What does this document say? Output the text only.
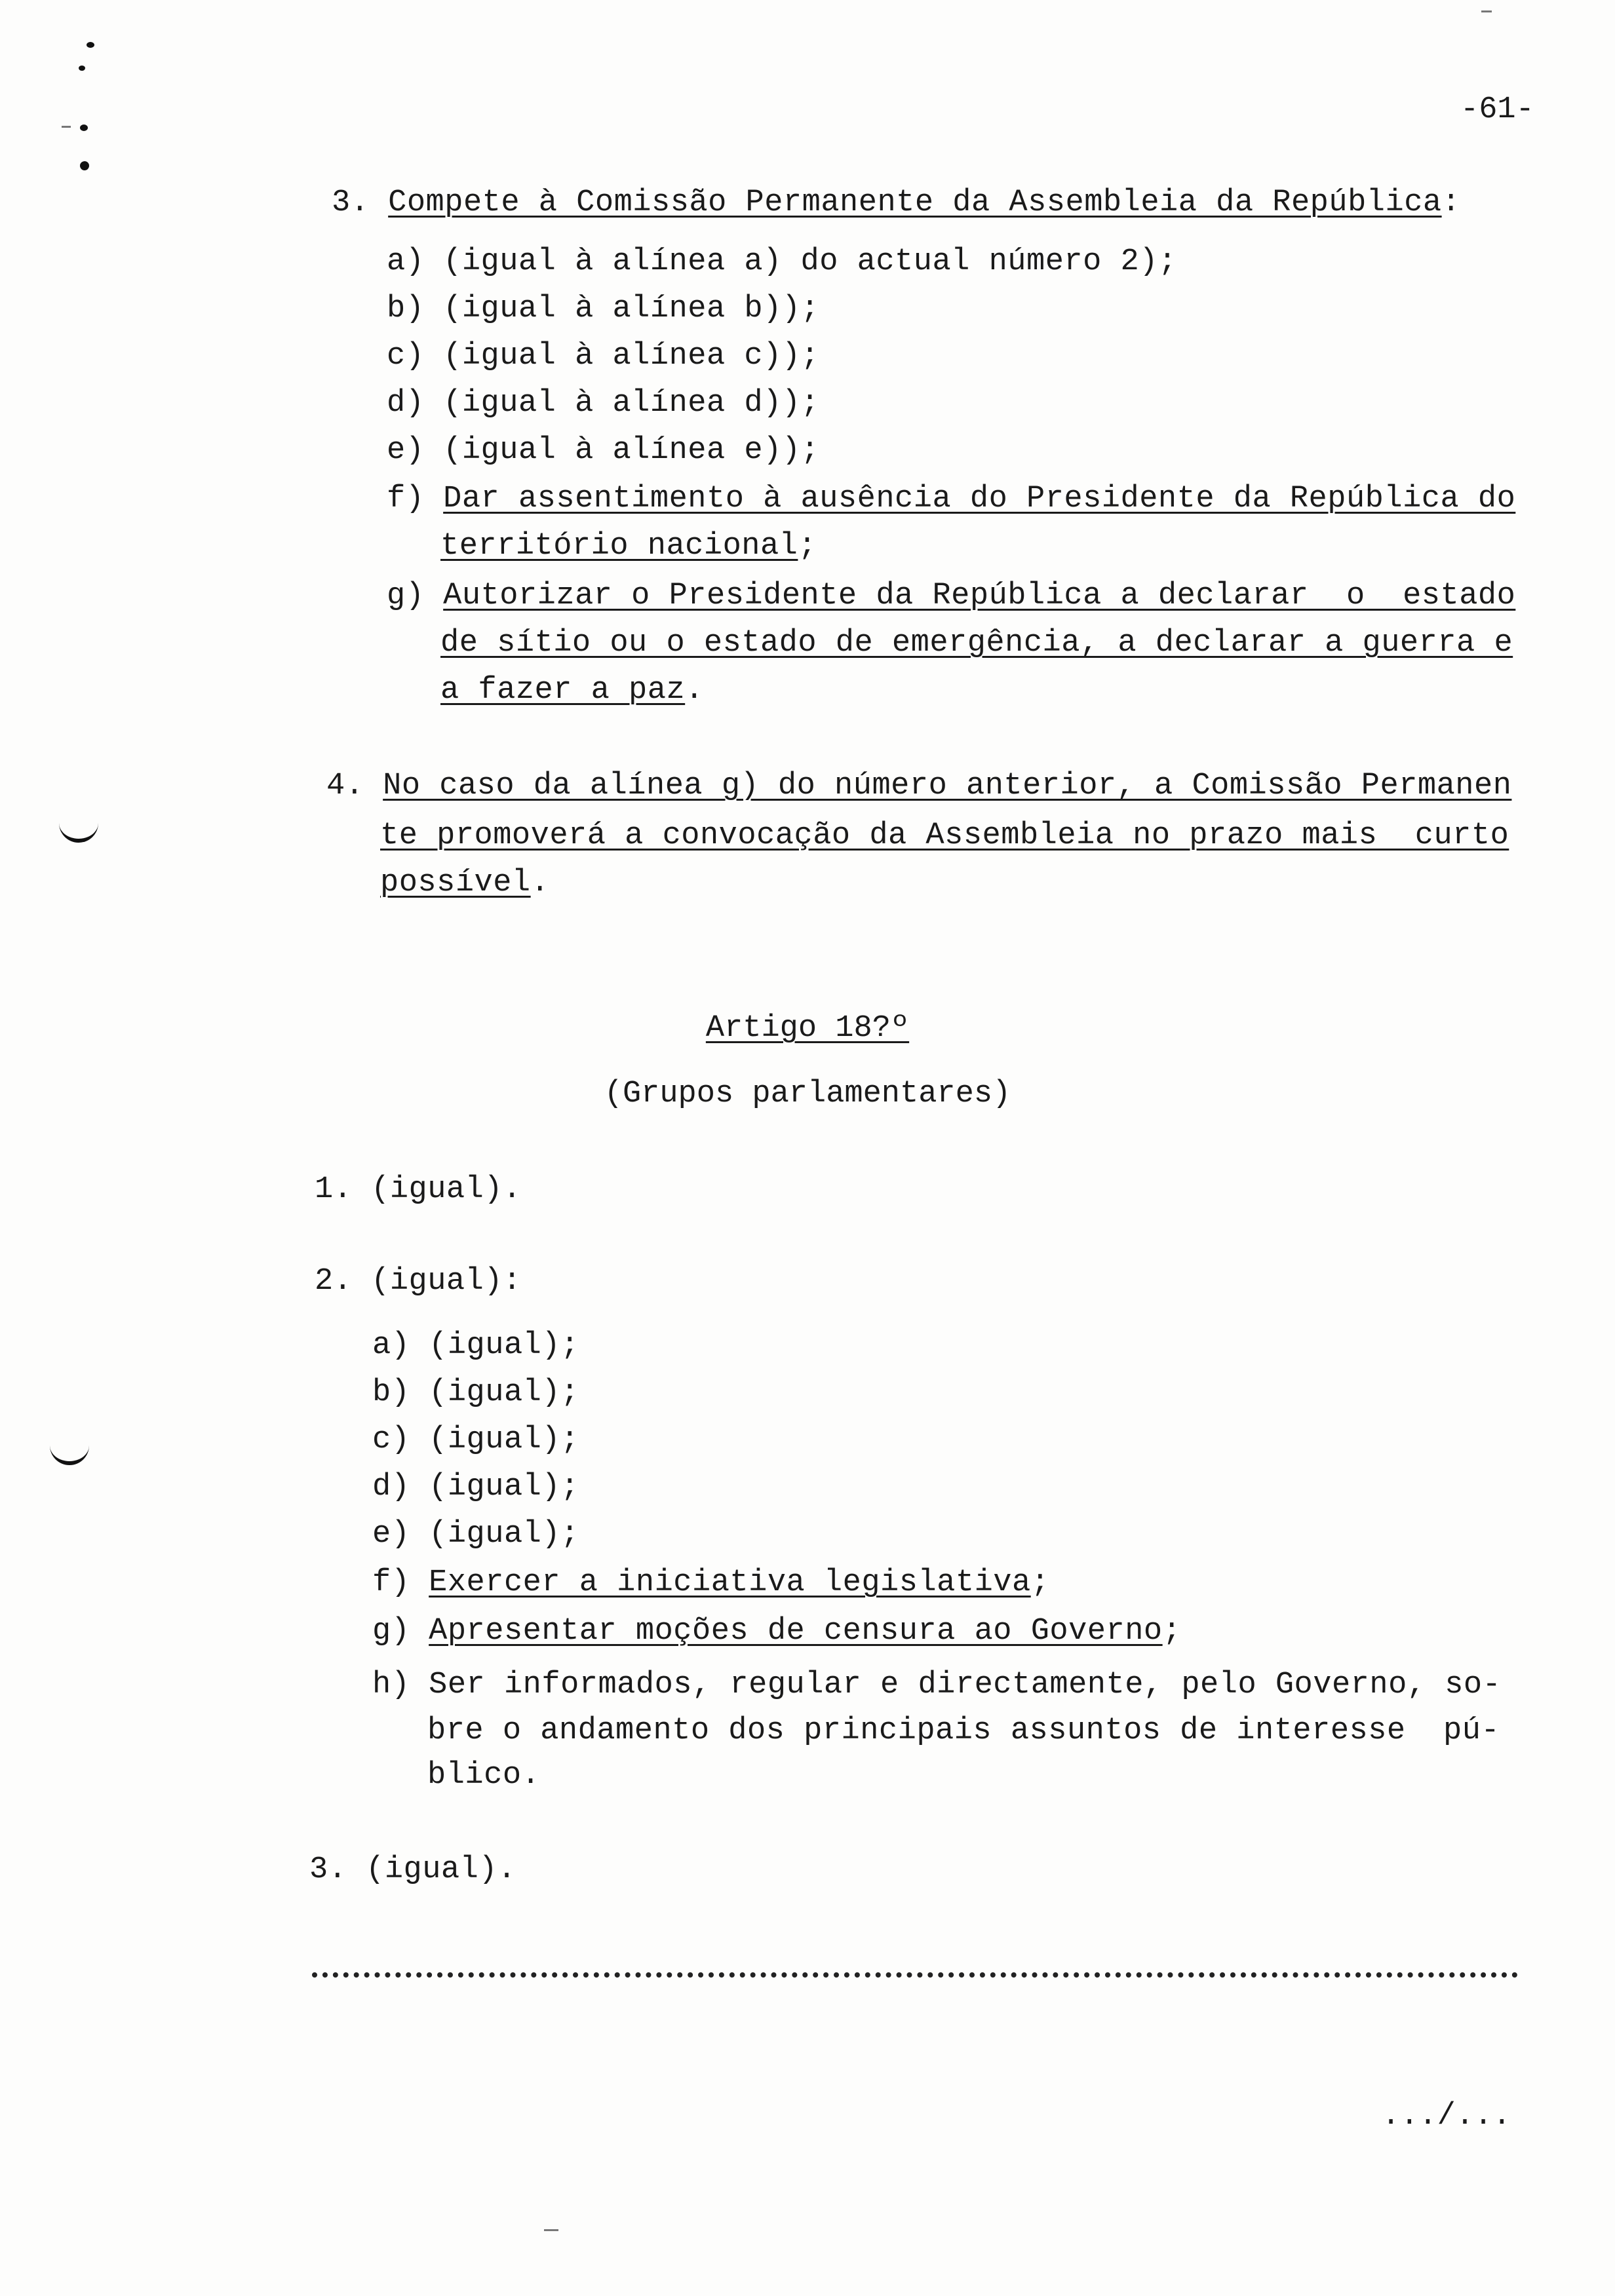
-61-
3. Compete à Comissão Permanente da Assembleia da República:
a) (igual à alínea a) do actual número 2);
b) (igual à alínea b));
c) (igual à alínea c));
d) (igual à alínea d));
e) (igual à alínea e));
f) Dar assentimento à ausência do Presidente da República do
território nacional;
g) Autorizar o Presidente da República a declarar  o  estado
de sítio ou o estado de emergência, a declarar a guerra e
a fazer a paz.
4. No caso da alínea g) do número anterior, a Comissão Permanen
te promoverá a convocação da Assembleia no prazo mais  curto
possível.
Artigo 18?º
(Grupos parlamentares)
1. (igual).
2. (igual):
a) (igual);
b) (igual);
c) (igual);
d) (igual);
e) (igual);
f) Exercer a iniciativa legislativa;
g) Apresentar moções de censura ao Governo;
h) Ser informados, regular e directamente, pelo Governo, so-
bre o andamento dos principais assuntos de interesse  pú-
blico.
3. (igual).
.../...
